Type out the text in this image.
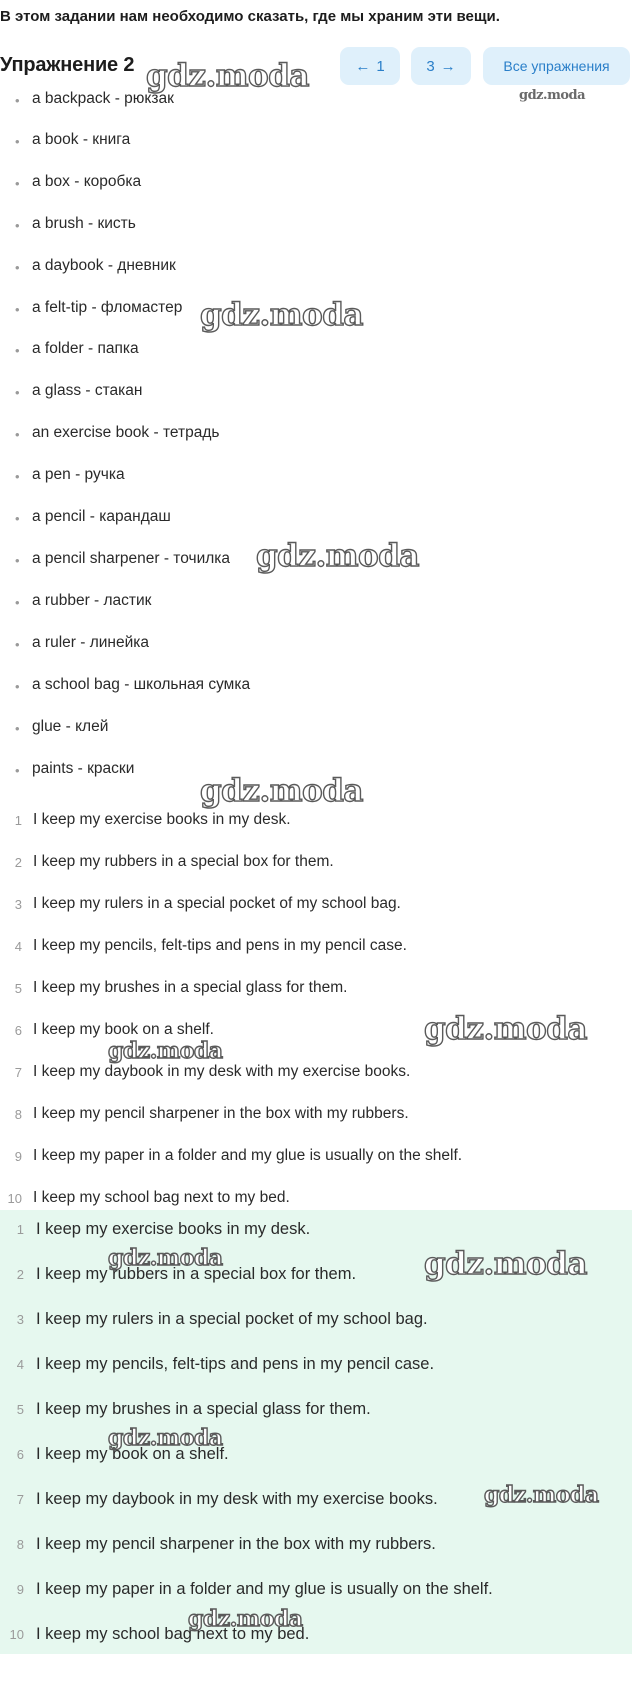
В этом задании нам необходимо сказать, где мы храним эти вещи.
Упражнение 2	← 1	3 →	Все упражнения
• a backpack - рюкзак
• a book - книга
• a box - коробка
• a brush - кисть
• a daybook - дневник
• a felt-tip - фломастер
• a folder - папка
• a glass - стакан
• an exercise book - тетрадь
• a pen - ручка
• a pencil - карандаш
• a pencil sharpener - точилка
• a rubber - ластик
• a ruler - линейка
• a school bag - школьная сумка
• glue - клей
• paints - краски
1 I keep my exercise books in my desk.
2 I keep my rubbers in a special box for them.
3 I keep my rulers in a special pocket of my school bag.
4 I keep my pencils, felt-tips and pens in my pencil case.
5 I keep my brushes in a special glass for them.
6 I keep my book on a shelf.
7 I keep my daybook in my desk with my exercise books.
8 I keep my pencil sharpener in the box with my rubbers.
9 I keep my paper in a folder and my glue is usually on the shelf.
10 I keep my school bag next to my bed.
1 I keep my exercise books in my desk.
2 I keep my rubbers in a special box for them.
3 I keep my rulers in a special pocket of my school bag.
4 I keep my pencils, felt-tips and pens in my pencil case.
5 I keep my brushes in a special glass for them.
6 I keep my book on a shelf.
7 I keep my daybook in my desk with my exercise books.
8 I keep my pencil sharpener in the box with my rubbers.
9 I keep my paper in a folder and my glue is usually on the shelf.
10 I keep my school bag next to my bed.
gdz.moda
gdz.moda
gdz.moda
gdz.moda
gdz.moda
gdz.moda
gdz.moda
gdz.moda	gdz.moda
gdz.moda
gdz.moda
gdz.moda
